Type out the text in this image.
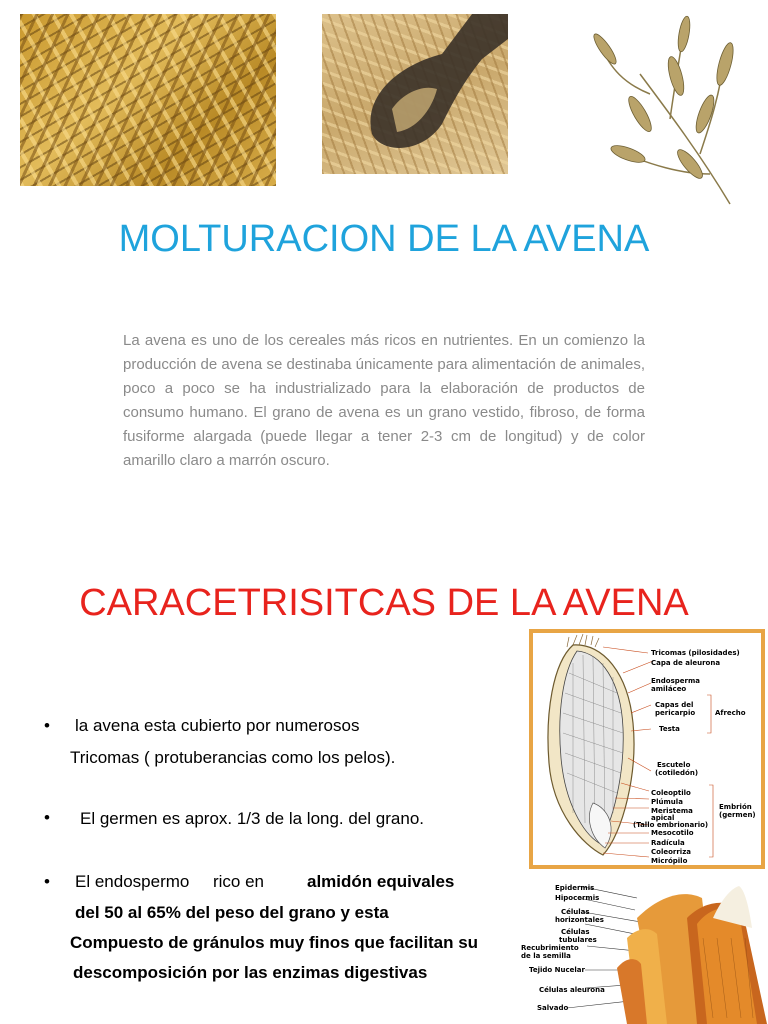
MOLTURACION DE LA AVENA
La avena es uno de los cereales más ricos en nutrientes. En un comienzo la producción de avena se destinaba únicamente para alimentación de animales, poco a poco se ha industrializado para la elaboración de productos de consumo humano. El grano de avena es un grano vestido, fibroso, de forma fusiforme alargada (puede llegar a tener 2-3 cm de longitud) y de color amarillo claro a marrón oscuro.
CARACETRISITCAS DE LA AVENA
• la avena esta cubierto por numerosos
Tricomas ( protuberancias como los pelos).
• El germen es aprox. 1/3 de la long. del grano.
• El endospermo     rico en	almidón equivales
del 50 al 65% del peso del grano y esta
Compuesto de gránulos muy finos que facilitan su
descomposición por las enzimas digestivas
Tricomas (pilosidades)
Capa de aleurona
Endosperma
amiláceo
Capas del
pericarpio	Afrecho
Testa
Escutelo
(cotiledón)
Coleoptilo
Plúmula
Meristema
apical
(Tallo embrionario)
Mesocotilo
Radícula
Coleorriza
Micrópilo
Embrión
(germen)
Epidermis
Hipocermis
Células
horizontales
Células
tubulares
Recubrimiento
de la semilla
Tejido Nucelar
Células aleurona
Salvado
